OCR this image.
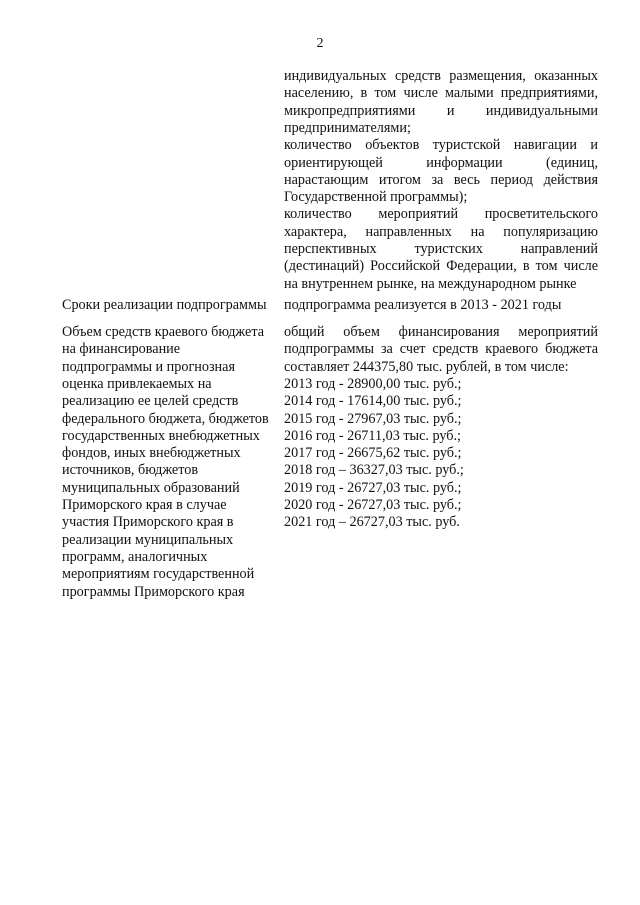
2
индивидуальных средств размещения, оказанных
населению, в том числе малыми предприятиями,
микропредприятиями и индивидуальными
предпринимателями;
количество объектов туристской навигации и
ориентирующей информации (единиц,
нарастающим итогом за весь период действия
Государственной программы);
количество мероприятий просветительского
характера, направленных на популяризацию
перспективных туристских направлений
(дестинаций) Российской Федерации, в том числе
на внутреннем рынке, на международном рынке
Объем средств краевого бюджета
на финансирование
подпрограммы и прогнозная
оценка привлекаемых на
реализацию ее целей средств
федерального бюджета, бюджетов
государственных внебюджетных
фондов, иных внебюджетных
источников, бюджетов
муниципальных образований
Приморского края в случае
участия Приморского края в
реализации муниципальных
программ, аналогичных
мероприятиям государственной
программы Приморского края
общий объем финансирования мероприятий
подпрограммы за счет средств краевого бюджета
составляет 244375,80 тыс. рублей, в том числе:
2013 год - 28900,00 тыс. руб.;
2014 год - 17614,00 тыс. руб.;
2015 год - 27967,03 тыс. руб.;
2016 год - 26711,03 тыс. руб.;
2017 год - 26675,62 тыс. руб.;
2018 год – 36327,03 тыс. руб.;
2019 год - 26727,03 тыс. руб.;
2020 год - 26727,03 тыс. руб.;
2021 год – 26727,03 тыс. руб.
Сроки реализации подпрограммы подпрограмма реализуется в 2013 - 2021 годы
